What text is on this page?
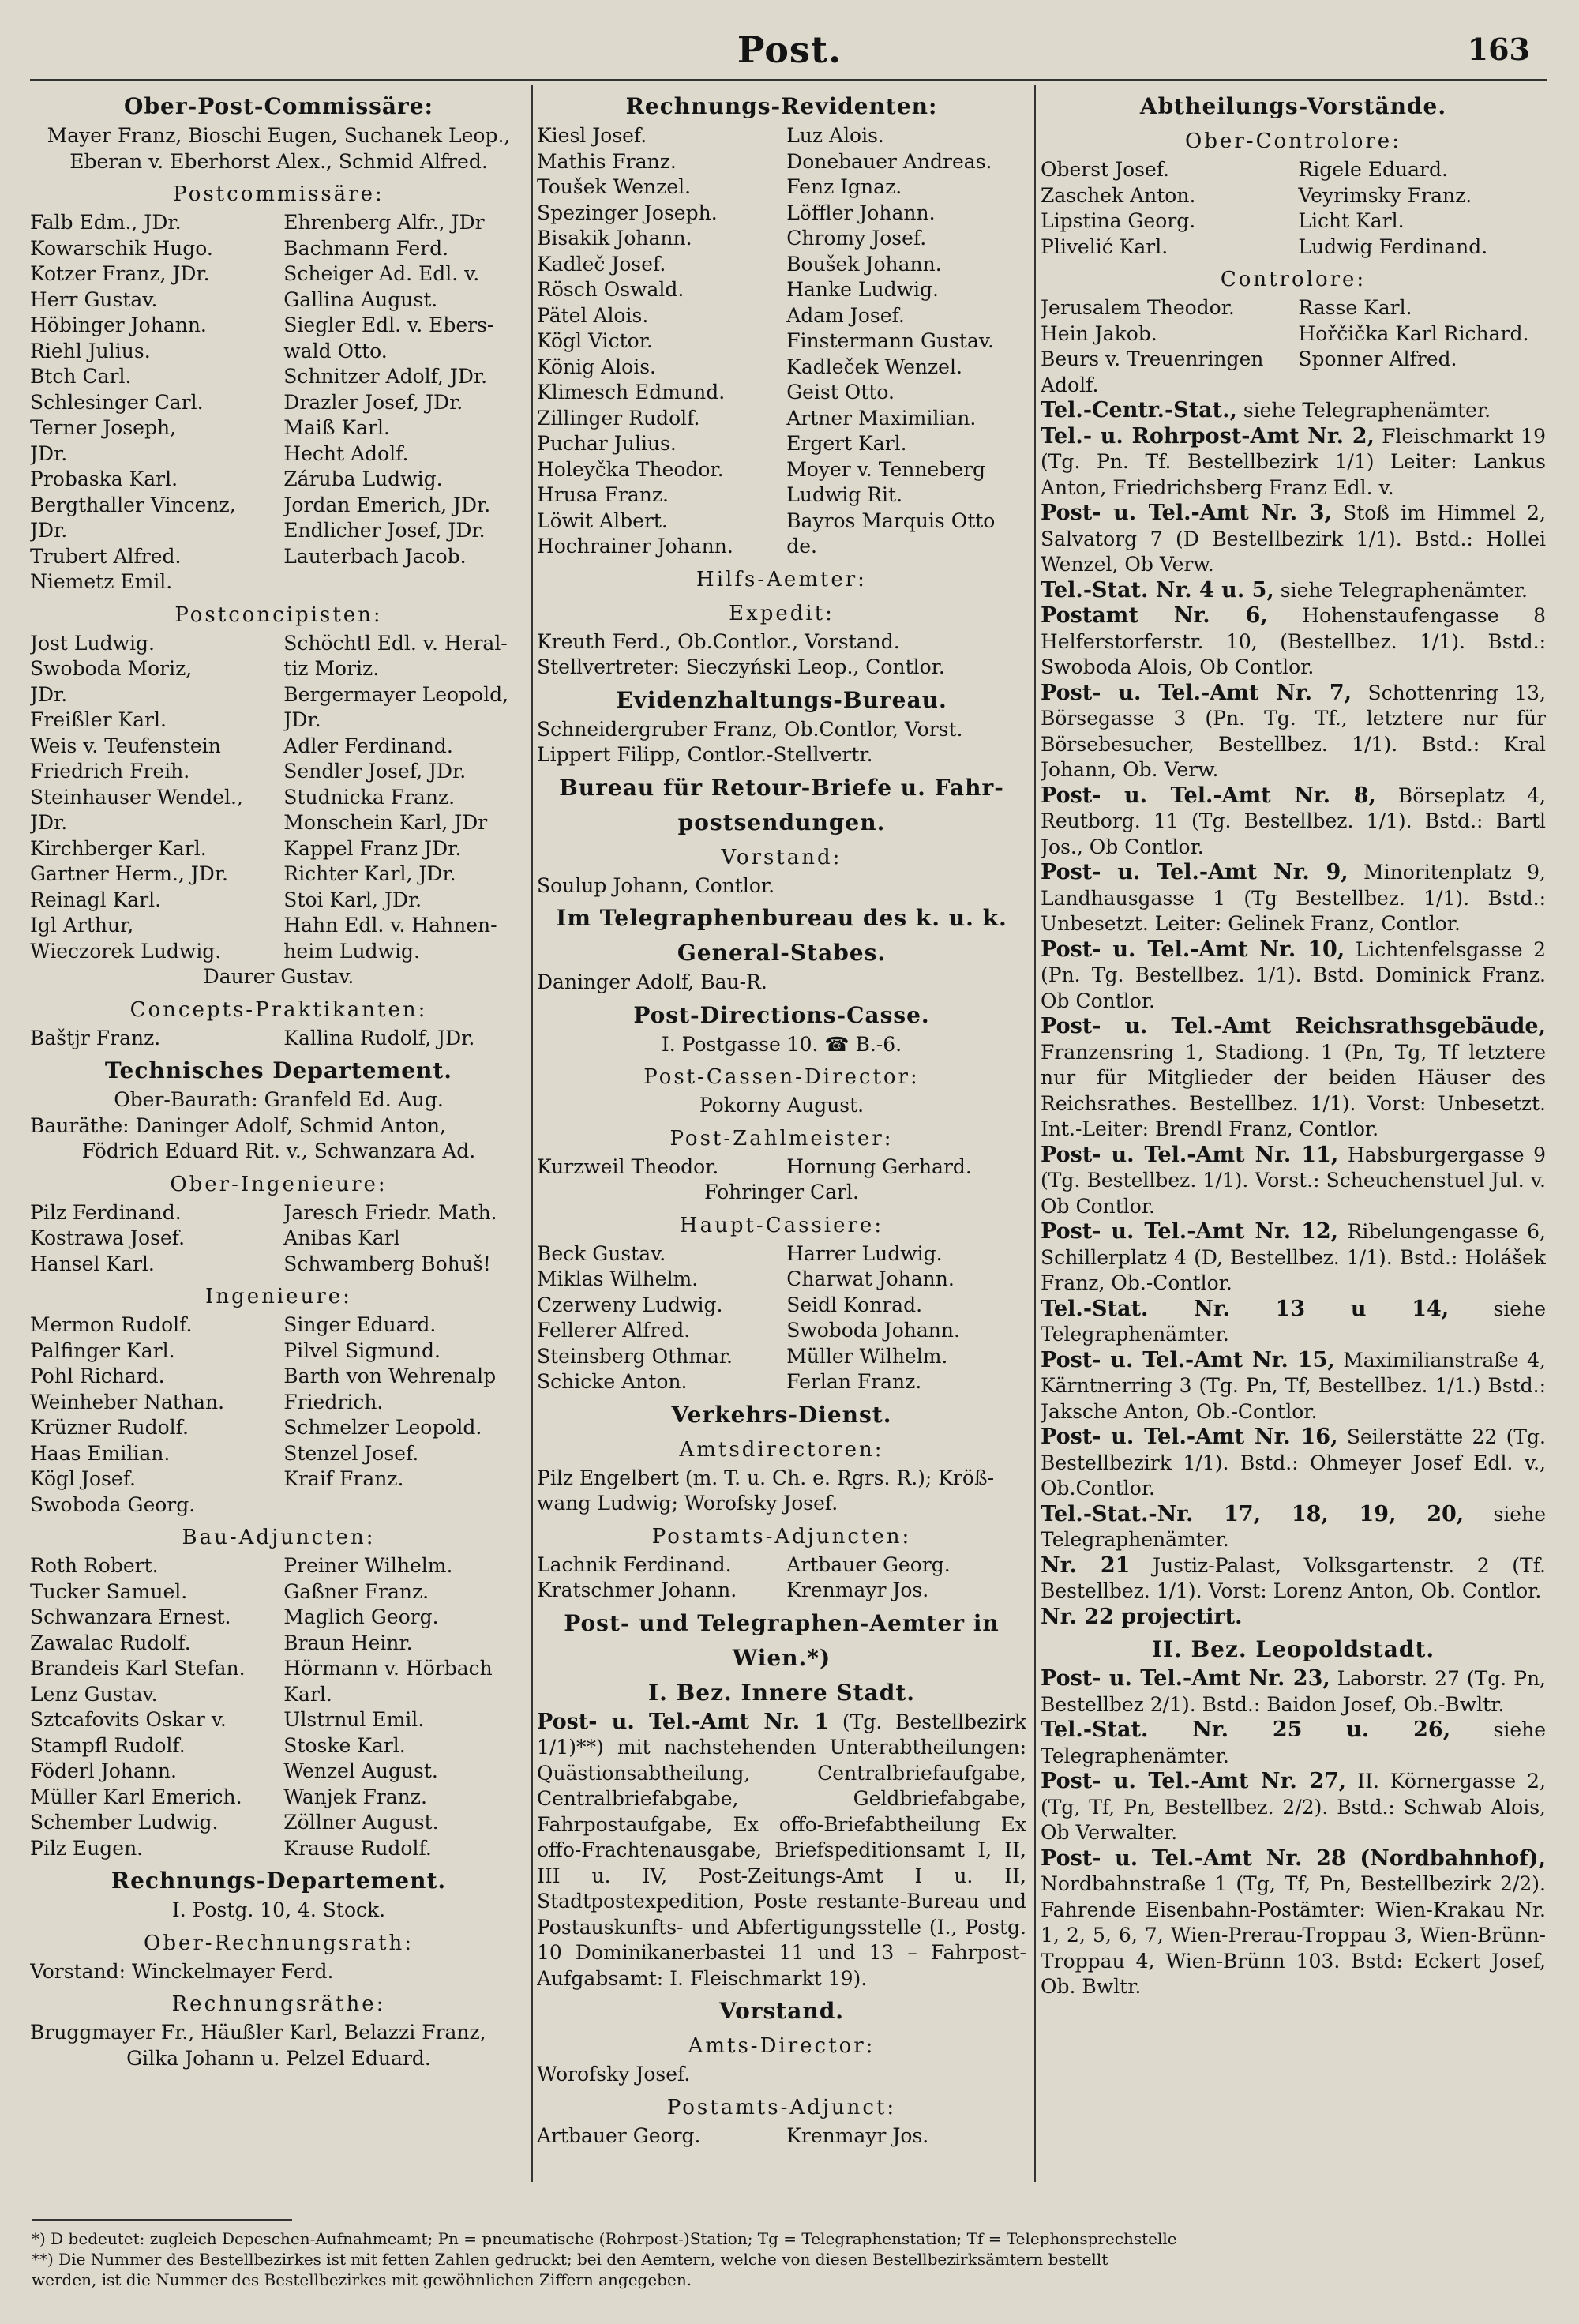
Post.	163
Ober-Post-Commissäre:
Mayer Franz, Bioschi Eugen, Suchanek Leop.,
Eberan v. Eberhorst Alex., Schmid Alfred.
Postcommissäre:
Falb Edm., JDr.	Ehrenberg Alfr., JDr
Kowarschik Hugo.	Bachmann Ferd.
Kotzer Franz, JDr.	Scheiger Ad. Edl. v.
Herr Gustav.	Gallina August.
Höbinger Johann.	Siegler Edl. v. Ebers-
Riehl Julius.	wald Otto.
Btch Carl.	Schnitzer Adolf, JDr.
Schlesinger Carl.	Drazler Josef, JDr.
Terner Joseph,	Maiß Karl.
JDr.	Hecht Adolf.
Probaska Karl.	Záruba Ludwig.
Bergthaller Vincenz,	Jordan Emerich, JDr.
JDr.	Endlicher Josef, JDr.
Trubert Alfred.	Lauterbach Jacob.
Niemetz Emil.
Postconcipisten:
Jost Ludwig.	Schöchtl Edl. v. Heral-
Swoboda Moriz,	tiz Moriz.
JDr.	Bergermayer Leopold,
Freißler Karl.	JDr.
Weis v. Teufenstein	Adler Ferdinand.
Friedrich Freih.	Sendler Josef, JDr.
Steinhauser Wendel.,	Studnicka Franz.
JDr.	Monschein Karl, JDr
Kirchberger Karl.	Kappel Franz JDr.
Gartner Herm., JDr.	Richter Karl, JDr.
Reinagl Karl.	Stoi Karl, JDr.
Igl Arthur,	Hahn Edl. v. Hahnen-
Wieczorek Ludwig.	heim Ludwig.
Daurer Gustav.
Concepts-Praktikanten:
Baštjr Franz.	Kallina Rudolf, JDr.
Technisches Departement.
Ober-Baurath: Granfeld Ed. Aug.
Bauräthe: Daninger Adolf, Schmid Anton,
Födrich Eduard Rit. v., Schwanzara Ad.
Ober-Ingenieure:
Pilz Ferdinand.	Jaresch Friedr. Math.
Kostrawa Josef.	Anibas Karl
Hansel Karl.	Schwamberg Bohuš!
Ingenieure:
Mermon Rudolf.	Singer Eduard.
Palfinger Karl.	Pilvel Sigmund.
Pohl Richard.	Barth von Wehrenalp
Weinheber Nathan.	Friedrich.
Krüzner Rudolf.	Schmelzer Leopold.
Haas Emilian.	Stenzel Josef.
Kögl Josef.	Kraif Franz.
Swoboda Georg.
Bau-Adjuncten:
Roth Robert.	Preiner Wilhelm.
Tucker Samuel.	Gaßner Franz.
Schwanzara Ernest.	Maglich Georg.
Zawalac Rudolf.	Braun Heinr.
Brandeis Karl Stefan.	Hörmann v. Hörbach
Lenz Gustav.	Karl.
Sztcafovits Oskar v.	Ulstrnul Emil.
Stampfl Rudolf.	Stoske Karl.
Föderl Johann.	Wenzel August.
Müller Karl Emerich.	Wanjek Franz.
Schember Ludwig.	Zöllner August.
Pilz Eugen.	Krause Rudolf.
Rechnungs-Departement.
I. Postg. 10, 4. Stock.
Ober-Rechnungsrath:
Vorstand: Winckelmayer Ferd.
Rechnungsräthe:
Bruggmayer Fr., Häußler Karl, Belazzi Franz,
Gilka Johann u. Pelzel Eduard.
Rechnungs-Revidenten:
Kiesl Josef.	Luz Alois.
Mathis Franz.	Donebauer Andreas.
Toušek Wenzel.	Fenz Ignaz.
Spezinger Joseph.	Löffler Johann.
Bisakik Johann.	Chromy Josef.
Kadleč Josef.	Boušek Johann.
Rösch Oswald.	Hanke Ludwig.
Pätel Alois.	Adam Josef.
Kögl Victor.	Finstermann Gustav.
König Alois.	Kadleček Wenzel.
Klimesch Edmund.	Geist Otto.
Zillinger Rudolf.	Artner Maximilian.
Puchar Julius.	Ergert Karl.
Holeyčka Theodor.	Moyer v. Tenneberg
Hrusa Franz.	Ludwig Rit.
Löwit Albert.	Bayros Marquis Otto
Hochrainer Johann.	de.
Hilfs-Aemter:
Expedit:
Kreuth Ferd., Ob.Contlor., Vorstand.
Stellvertreter: Sieczyński Leop., Contlor.
Evidenzhaltungs-Bureau.
Schneidergruber Franz, Ob.Contlor, Vorst.
Lippert Filipp, Contlor.-Stellvertr.
Bureau für Retour-Briefe u. Fahr-
postsendungen.
Vorstand:
Soulup Johann, Contlor.
Im Telegraphenbureau des k. u. k.
General-Stabes.
Daninger Adolf, Bau-R.
Post-Directions-Casse.
I. Postgasse 10. ☎ B.-6.
Post-Cassen-Director:
Pokorny August.
Post-Zahlmeister:
Kurzweil Theodor.	Hornung Gerhard.
Fohringer Carl.
Haupt-Cassiere:
Beck Gustav.	Harrer Ludwig.
Miklas Wilhelm.	Charwat Johann.
Czerweny Ludwig.	Seidl Konrad.
Fellerer Alfred.	Swoboda Johann.
Steinsberg Othmar.	Müller Wilhelm.
Schicke Anton.	Ferlan Franz.
Verkehrs-Dienst.
Amtsdirectoren:
Pilz Engelbert (m. T. u. Ch. e. Rgrs. R.); Kröß-
wang Ludwig; Worofsky Josef.
Postamts-Adjuncten:
Lachnik Ferdinand.	Artbauer Georg.
Kratschmer Johann.	Krenmayr Jos.
Post- und Telegraphen-Aemter in
Wien.*)
I. Bez. Innere Stadt.

Post- u. Tel.-Amt Nr. 1 (Tg. Bestellbezirk 1/1)**) mit nachstehenden Unterabtheilungen: Quästionsabtheilung, Centralbriefaufgabe, Centralbriefabgabe, Geldbriefabgabe, Fahrpostaufgabe, Ex offo-Briefabtheilung Ex offo-Frachtenausgabe, Briefspeditionsamt I, II, III u. IV, Post-Zeitungs-Amt I u. II, Stadtpostexpedition, Poste restante-Bureau und Postauskunfts- und Abfertigungsstelle (I., Postg. 10 Dominikanerbastei 11 und 13 – Fahrpost-Aufgabsamt: I. Fleischmarkt 19).

Vorstand.
Amts-Director:
Worofsky Josef.
Postamts-Adjunct:
Artbauer Georg.	Krenmayr Jos.
Abtheilungs-Vorstände.
Ober-Controlore:
Oberst Josef.	Rigele Eduard.
Zaschek Anton.	Veyrimsky Franz.
Lipstina Georg.	Licht Karl.
Plivelić Karl.	Ludwig Ferdinand.
Controlore:
Jerusalem Theodor.	Rasse Karl.
Hein Jakob.	Hořčička Karl Richard.
Beurs v. Treuenringen	Sponner Alfred.
Adolf.

Tel.-Centr.-Stat., siehe Telegraphenämter.

Tel.- u. Rohrpost-Amt Nr. 2, Fleischmarkt 19 (Tg. Pn. Tf. Bestellbezirk 1/1) Leiter: Lankus Anton, Friedrichsberg Franz Edl. v.

Post- u. Tel.-Amt Nr. 3, Stoß im Himmel 2, Salvatorg 7 (D Bestellbezirk 1/1). Bstd.: Hollei Wenzel, Ob Verw.

Tel.-Stat. Nr. 4 u. 5, siehe Telegraphenämter.

Postamt Nr. 6, Hohenstaufengasse 8 Helferstorferstr. 10, (Bestellbez. 1/1). Bstd.: Swoboda Alois, Ob Contlor.

Post- u. Tel.-Amt Nr. 7, Schottenring 13, Börsegasse 3 (Pn. Tg. Tf., letztere nur für Börsebesucher, Bestellbez. 1/1). Bstd.: Kral Johann, Ob. Verw.

Post- u. Tel.-Amt Nr. 8, Börseplatz 4, Reutborg. 11 (Tg. Bestellbez. 1/1). Bstd.: Bartl Jos., Ob Contlor.

Post- u. Tel.-Amt Nr. 9, Minoritenplatz 9, Landhausgasse 1 (Tg Bestellbez. 1/1). Bstd.: Unbesetzt. Leiter: Gelinek Franz, Contlor.

Post- u. Tel.-Amt Nr. 10, Lichtenfelsgasse 2 (Pn. Tg. Bestellbez. 1/1). Bstd. Dominick Franz. Ob Contlor.

Post- u. Tel.-Amt Reichsrathsgebäude, Franzensring 1, Stadiong. 1 (Pn, Tg, Tf letztere nur für Mitglieder der beiden Häuser des Reichsrathes. Bestellbez. 1/1). Vorst: Unbesetzt. Int.-Leiter: Brendl Franz, Contlor.

Post- u. Tel.-Amt Nr. 11, Habsburgergasse 9 (Tg. Bestellbez. 1/1). Vorst.: Scheuchenstuel Jul. v. Ob Contlor.

Post- u. Tel.-Amt Nr. 12, Ribelungengasse 6, Schillerplatz 4 (D, Bestellbez. 1/1). Bstd.: Holášek Franz, Ob.-Contlor.

Tel.-Stat. Nr. 13 u 14, siehe Telegraphenämter.

Post- u. Tel.-Amt Nr. 15, Maximilianstraße 4, Kärntnerring 3 (Tg. Pn, Tf, Bestellbez. 1/1.) Bstd.: Jaksche Anton, Ob.-Contlor.

Post- u. Tel.-Amt Nr. 16, Seilerstätte 22 (Tg. Bestellbezirk 1/1). Bstd.: Ohmeyer Josef Edl. v., Ob.Contlor.

Tel.-Stat.-Nr. 17, 18, 19, 20, siehe Telegraphenämter.

Nr. 21 Justiz-Palast, Volksgartenstr. 2 (Tf. Bestellbez. 1/1). Vorst: Lorenz Anton, Ob. Contlor.

Nr. 22 projectirt.

II. Bez. Leopoldstadt.

Post- u. Tel.-Amt Nr. 23, Laborstr. 27 (Tg. Pn, Bestellbez 2/1). Bstd.: Baidon Josef, Ob.-Bwltr.

Tel.-Stat. Nr. 25 u. 26, siehe Telegraphenämter.

Post- u. Tel.-Amt Nr. 27, II. Körnergasse 2, (Tg, Tf, Pn, Bestellbez. 2/2). Bstd.: Schwab Alois, Ob Verwalter.

Post- u. Tel.-Amt Nr. 28 (Nordbahnhof), Nordbahnstraße 1 (Tg, Tf, Pn, Bestellbezirk 2/2). Fahrende Eisenbahn-Postämter: Wien-Krakau Nr. 1, 2, 5, 6, 7, Wien-Prerau-Troppau 3, Wien-Brünn-Troppau 4, Wien-Brünn 103. Bstd: Eckert Josef, Ob. Bwltr.

*) D bedeutet: zugleich Depeschen-Aufnahmeamt; Pn = pneumatische (Rohrpost-)Station; Tg = Telegraphenstation; Tf = Telephonsprechstelle

**) Die Nummer des Bestellbezirkes ist mit fetten Zahlen gedruckt; bei den Aemtern, welche von diesen Bestellbezirksämtern bestellt

werden, ist die Nummer des Bestellbezirkes mit gewöhnlichen Ziffern angegeben.
